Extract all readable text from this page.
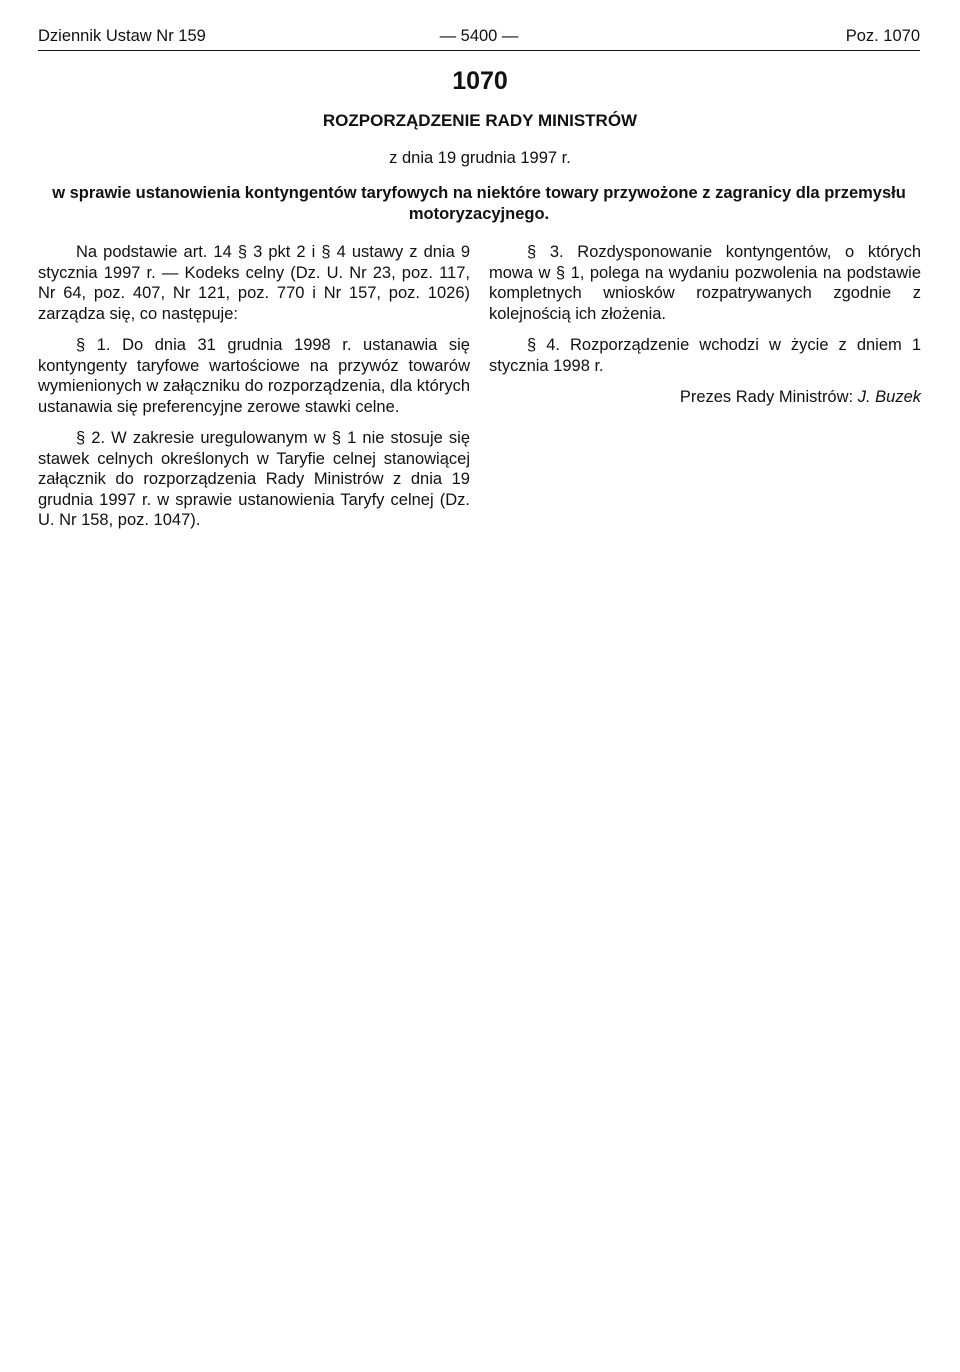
Dziennik Ustaw Nr 159	— 5400 —	Poz. 1070
1070
ROZPORZĄDZENIE RADY MINISTRÓW
z dnia 19 grudnia 1997 r.
w sprawie ustanowienia kontyngentów taryfowych na niektóre towary przywożone z zagranicy dla przemysłu motoryzacyjnego.

Na podstawie art. 14 § 3 pkt 2 i § 4 ustawy z dnia 9 stycznia 1997 r. — Kodeks celny (Dz. U. Nr 23, poz. 117, Nr 64, poz. 407, Nr 121, poz. 770 i Nr 157, poz. 1026) zarządza się, co następuje:

§ 1. Do dnia 31 grudnia 1998 r. ustanawia się kontyngenty taryfowe wartościowe na przywóz towarów wymienionych w załączniku do rozporządzenia, dla których ustanawia się preferencyjne zerowe stawki celne.

§ 2. W zakresie uregulowanym w § 1 nie stosuje się stawek celnych określonych w Taryfie celnej stanowiącej załącznik do rozporządzenia Rady Ministrów z dnia 19 grudnia 1997 r. w sprawie ustanowienia Taryfy celnej (Dz. U. Nr 158, poz. 1047).

§ 3. Rozdysponowanie kontyngentów, o których mowa w § 1, polega na wydaniu pozwolenia na podstawie kompletnych wniosków rozpatrywanych zgodnie z kolejnością ich złożenia.

§ 4. Rozporządzenie wchodzi w życie z dniem 1 stycznia 1998 r.

Prezes Rady Ministrów: J. Buzek
